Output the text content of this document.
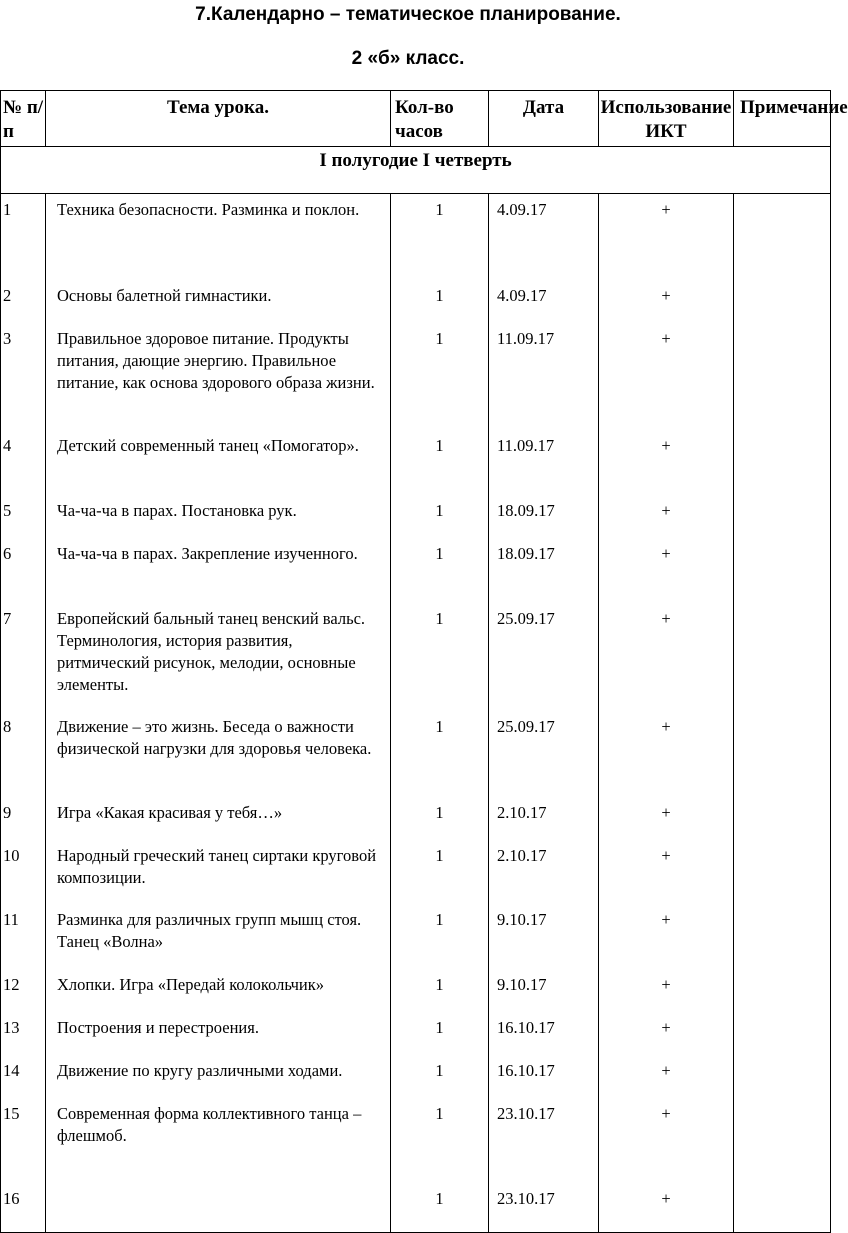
7.Календарно – тематическое планирование.
2 «б» класс.
№ п/п	Тема урока.	Кол-во часов	Дата	Использование ИКТ	Примечание
I полугодие I четверть					
1	Техника безопасности. Разминка и поклон.	1	4.09.17	+	
2	Основы балетной гимнастики.	1	4.09.17	+	
3	Правильное здоровое питание. Продукты питания, дающие энергию. Правильное питание, как основа здорового образа жизни.	1	11.09.17	+	
4	Детский современный танец «Помогатор».	1	11.09.17	+	
5	Ча-ча-ча в парах. Постановка рук.	1	18.09.17	+	
6	Ча-ча-ча в парах. Закрепление изученного.	1	18.09.17	+	
7	Европейский бальный танец венский вальс. Терминология, история развития, ритмический рисунок, мелодии, основные элементы.	1	25.09.17	+	
8	Движение – это жизнь. Беседа о важности физической нагрузки для здоровья человека.	1	25.09.17	+	
9	Игра «Какая красивая у тебя…»	1	2.10.17	+	
10	Народный греческий танец сиртаки круговой композиции.	1	2.10.17	+	
11	Разминка для различных групп мышц стоя. Танец «Волна»	1	9.10.17	+	
12	Хлопки. Игра «Передай колокольчик»	1	9.10.17	+	
13	Построения и перестроения.	1	16.10.17	+	
14	Движение по кругу различными ходами.	1	16.10.17	+	
15	Современная форма коллективного танца – флешмоб.	1	23.10.17	+	
16		1	23.10.17	+	
